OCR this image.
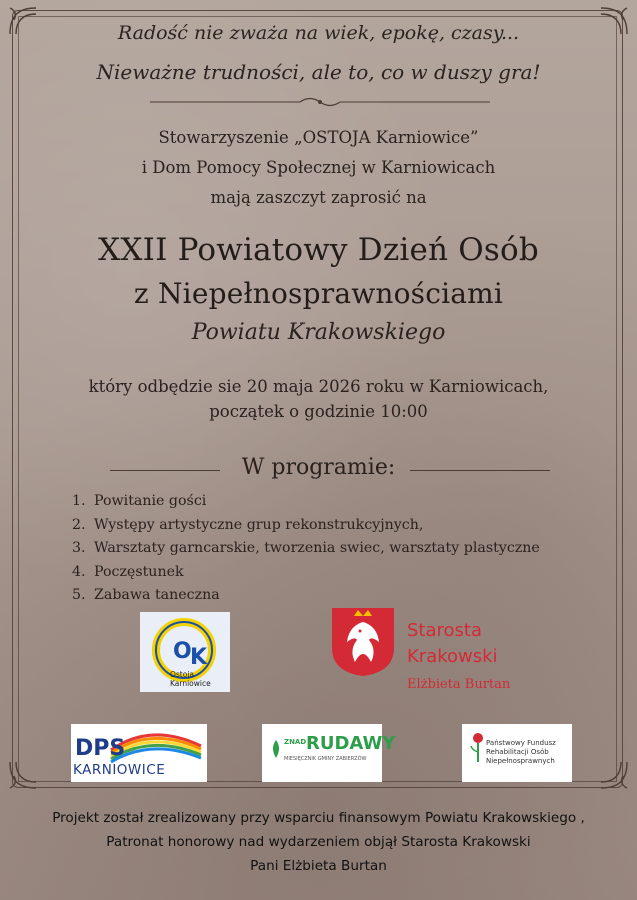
Radość nie zważa na wiek, epokę, czasy...
Nieważne trudności, ale to, co w duszy gra!
Stowarzyszenie „OSTOJA Karniowice”
i Dom Pomocy Społecznej w Karniowicach
mają zaszczyt zaprosić na
XXII Powiatowy Dzień Osób
z Niepełnosprawnościami
Powiatu Krakowskiego
który odbędzie sie 20 maja 2026 roku w Karniowicach,
początek o godzinie 10:00
W programie:
1. Powitanie gości
2. Występy artystyczne grup rekonstrukcyjnych,
3. Warsztaty garncarskie, tworzenia swiec, warsztaty plastyczne
4. Poczęstunek
5. Zabawa taneczna
O
K
Ostoja
Karniowice
Starosta
Krakowski
Elżbieta Burtan
DPS
KARNIOWICE
ZNAD RUDAWY
MIESIĘCZNIK GMINY ZABIERZÓW
Państwowy Fundusz
Rehabilitacji Osób
Niepełnosprawnych
Projekt został zrealizowany przy wsparciu finansowym Powiatu Krakowskiego ,
Patronat honorowy nad wydarzeniem objął Starosta Krakowski
Pani Elżbieta Burtan
